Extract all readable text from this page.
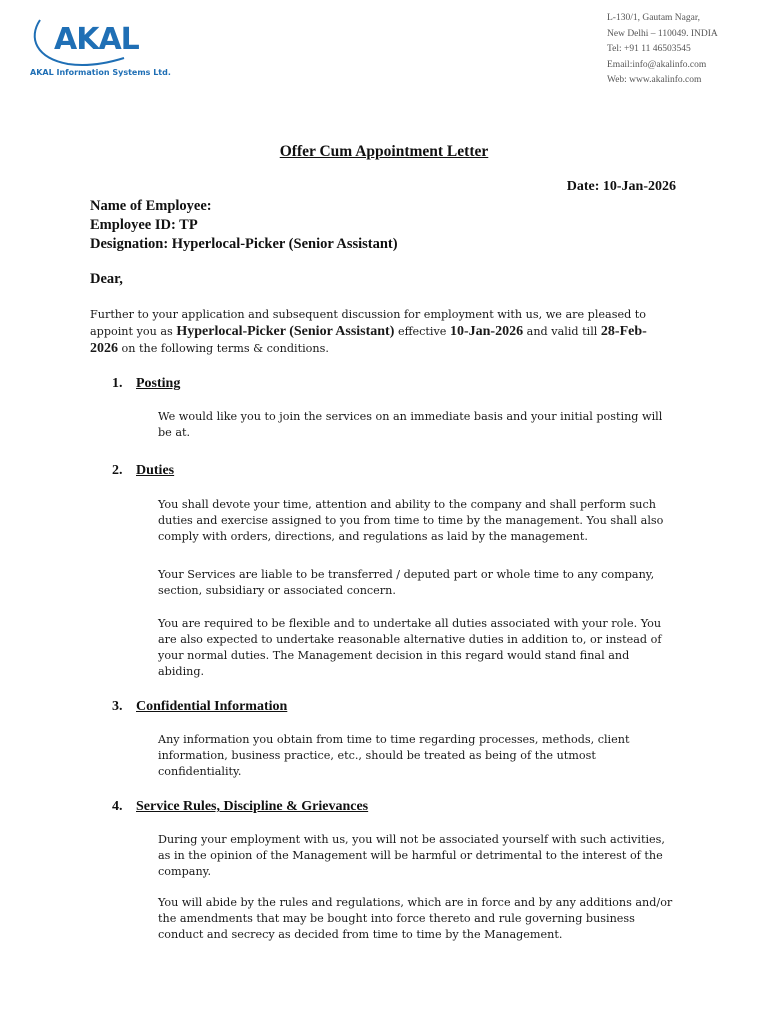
AKAL
AKAL Information Systems Ltd.
L-130/1, Gautam Nagar,
New Delhi – 110049. INDIA
Tel: +91 11 46503545
Email:info@akalinfo.com
Web: www.akalinfo.com
Offer Cum Appointment Letter
Date: 10-Jan-2026
Name of Employee:
Employee ID: TP
Designation: Hyperlocal-Picker (Senior Assistant)
Dear,
Further to your application and subsequent discussion for employment with us, we are pleased to appoint you as Hyperlocal-Picker (Senior Assistant) effective 10-Jan-2026 and valid till 28-Feb-2026 on the following terms & conditions.
1. Posting
We would like you to join the services on an immediate basis and your initial posting will be at.
2. Duties
You shall devote your time, attention and ability to the company and shall perform such duties and exercise assigned to you from time to time by the management. You shall also comply with orders, directions, and regulations as laid by the management.
Your Services are liable to be transferred / deputed part or whole time to any company, section, subsidiary or associated concern.
You are required to be flexible and to undertake all duties associated with your role. You are also expected to undertake reasonable alternative duties in addition to, or instead of your normal duties. The Management decision in this regard would stand final and abiding.
3. Confidential Information
Any information you obtain from time to time regarding processes, methods, client information, business practice, etc., should be treated as being of the utmost confidentiality.
4. Service Rules, Discipline & Grievances
During your employment with us, you will not be associated yourself with such activities, as in the opinion of the Management will be harmful or detrimental to the interest of the company.
You will abide by the rules and regulations, which are in force and by any additions and/or the amendments that may be bought into force thereto and rule governing business conduct and secrecy as decided from time to time by the Management.
